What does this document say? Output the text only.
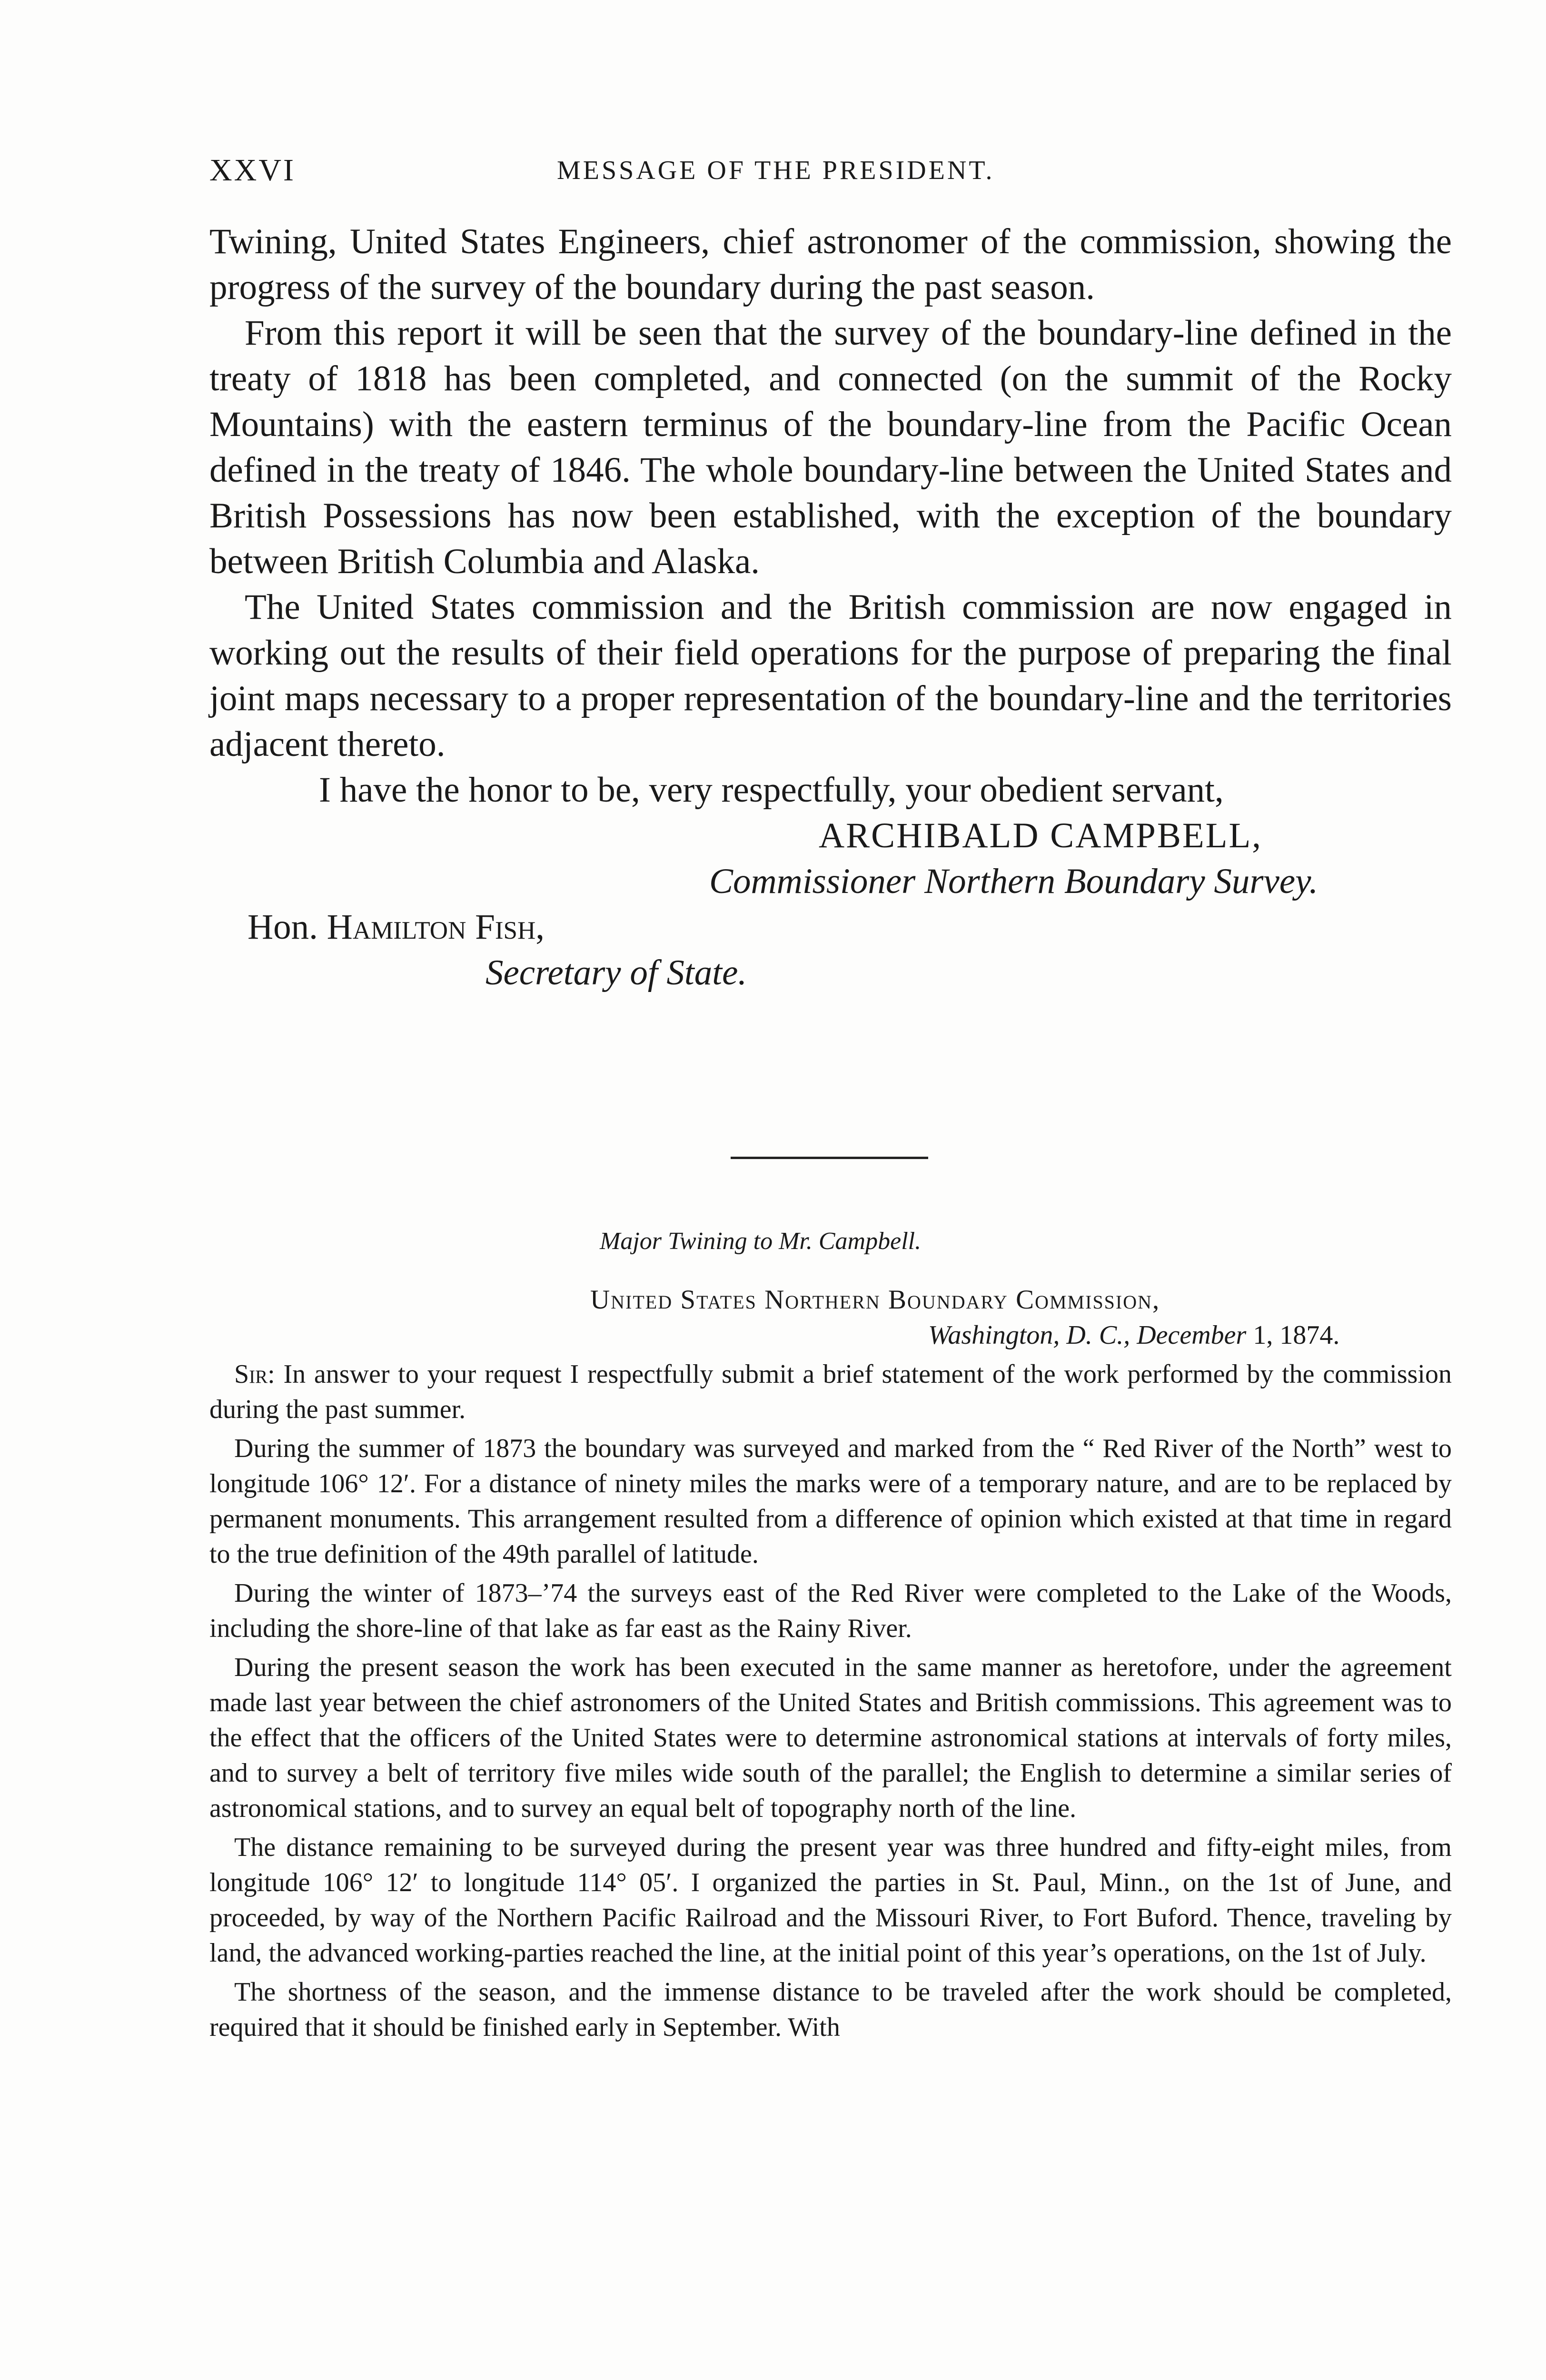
XXVI	MESSAGE OF THE PRESIDENT.

Twining, United States Engineers, chief astronomer of the commission, showing the progress of the survey of the boundary during the past season.

From this report it will be seen that the survey of the boundary-line defined in the treaty of 1818 has been completed, and connected (on the summit of the Rocky Mountains) with the eastern terminus of the boundary-line from the Pacific Ocean defined in the treaty of 1846. The whole boundary-line between the United States and British Possessions has now been established, with the exception of the boundary between British Columbia and Alaska.

The United States commission and the British commission are now engaged in working out the results of their field operations for the purpose of preparing the final joint maps necessary to a proper representation of the boundary-line and the territories adjacent thereto.

I have the honor to be, very respectfully, your obedient servant,

ARCHIBALD CAMPBELL,

Commissioner Northern Boundary Survey.

Hon. Hamilton Fish,

Secretary of State.

Major Twining to Mr. Campbell.

United States Northern Boundary Commission,

Washington, D. C., December 1, 1874.

Sir: In answer to your request I respectfully submit a brief statement of the work performed by the commission during the past summer.

During the summer of 1873 the boundary was surveyed and marked from the “ Red River of the North” west to longitude 106° 12′. For a distance of ninety miles the marks were of a temporary nature, and are to be replaced by permanent monuments. This arrangement resulted from a difference of opinion which existed at that time in regard to the true definition of the 49th parallel of latitude.

During the winter of 1873–’74 the surveys east of the Red River were completed to the Lake of the Woods, including the shore-line of that lake as far east as the Rainy River.

During the present season the work has been executed in the same manner as heretofore, under the agreement made last year between the chief astronomers of the United States and British commissions. This agreement was to the effect that the officers of the United States were to determine astronomical stations at intervals of forty miles, and to survey a belt of territory five miles wide south of the parallel; the English to determine a similar series of astronomical stations, and to survey an equal belt of topography north of the line.

The distance remaining to be surveyed during the present year was three hundred and fifty-eight miles, from longitude 106° 12′ to longitude 114° 05′. I organized the parties in St. Paul, Minn., on the 1st of June, and proceeded, by way of the Northern Pacific Railroad and the Missouri River, to Fort Buford. Thence, traveling by land, the advanced working-parties reached the line, at the initial point of this year’s operations, on the 1st of July.

The shortness of the season, and the immense distance to be traveled after the work should be completed, required that it should be finished early in September. With
